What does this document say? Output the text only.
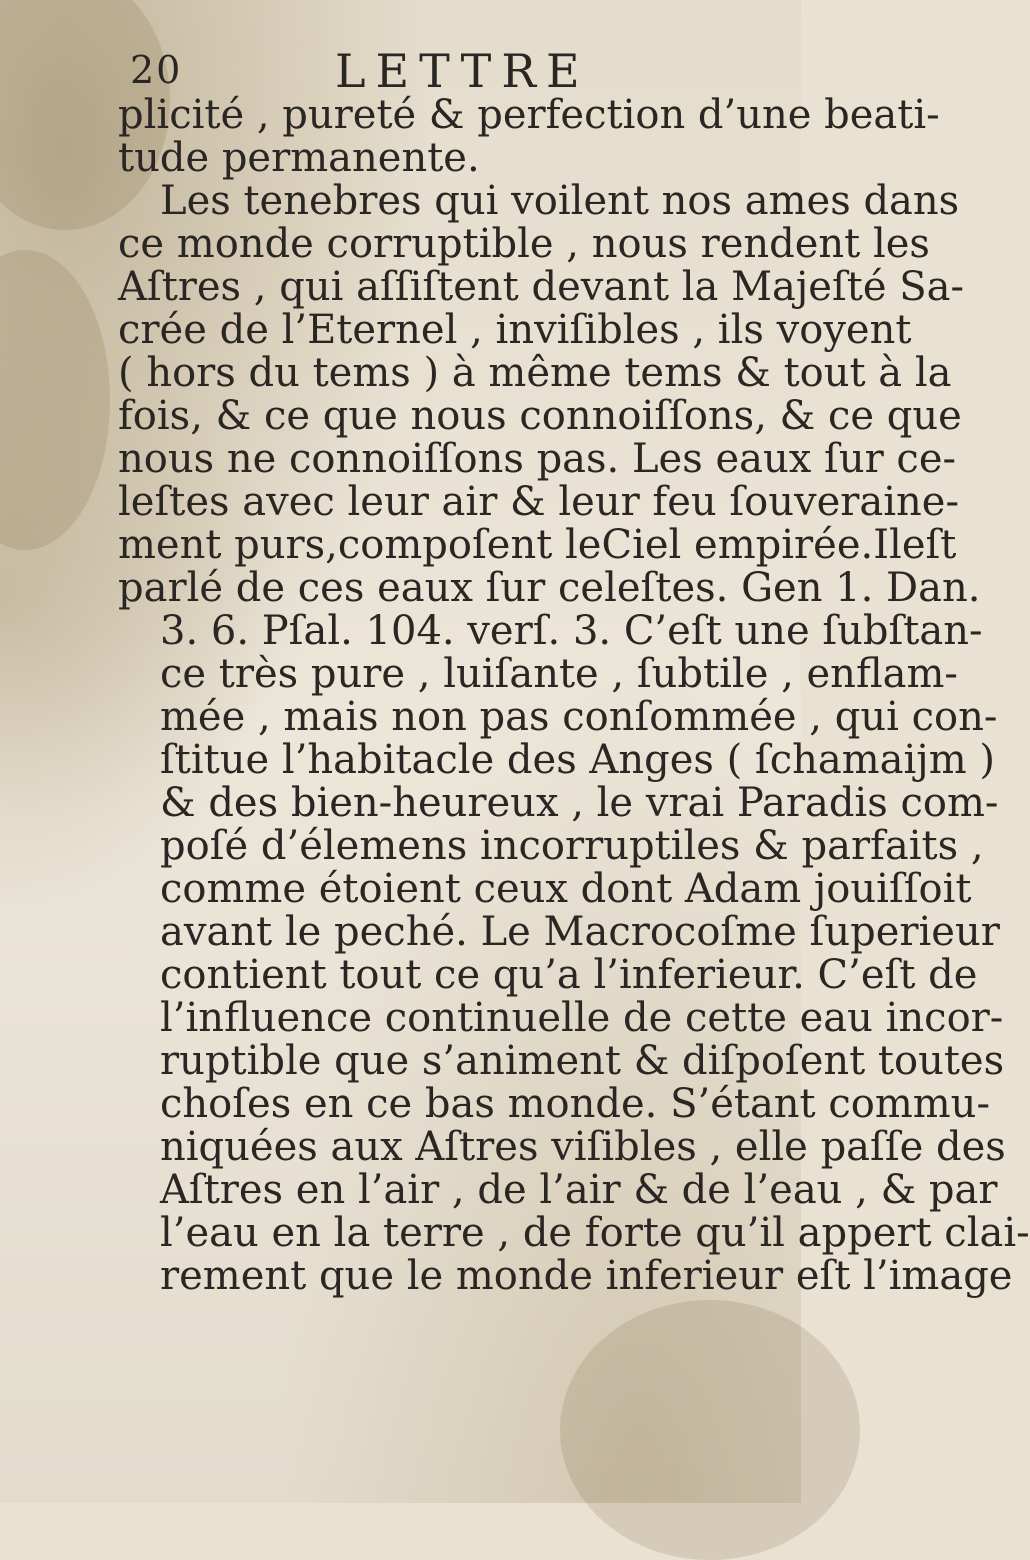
20	LETTRE
plicité , pureté & perfection d’une beati-
tude permanente.
Les tenebres qui voilent nos ames dans
ce monde corruptible , nous rendent les
Aſtres , qui aſſiſtent devant la Majeſté Sa-
crée de l’Eternel , inviſibles , ils voyent
( hors du tems ) à même tems & tout à la
fois, & ce que nous connoiſſons, & ce que
nous ne connoiſſons pas. Les eaux ſur ce-
leſtes avec leur air & leur feu ſouveraine-
ment purs,compoſent leCiel empirée.Ileſt
parlé de ces eaux ſur celeſtes. Gen 1. Dan.
3. 6. Pſal. 104. verſ. 3. C’eſt une ſubſtan-
ce très pure , luiſante , ſubtile , enflam-
mée , mais non pas conſommée , qui con-
ſtitue l’habitacle des Anges ( ſchamaijm )
& des bien-heureux , le vrai Paradis com-
poſé d’élemens incorruptiles & parfaits ,
comme étoient ceux dont Adam jouiſſoit
avant le peché. Le Macrocoſme ſuperieur
contient tout ce qu’a l’inferieur. C’eſt de
l’influence continuelle de cette eau incor-
ruptible que s’animent & diſpoſent toutes
choſes en ce bas monde. S’étant commu-
niquées aux Aſtres viſibles , elle paſſe des
Aſtres en l’air , de l’air & de l’eau , & par
l’eau en la terre , de forte qu’il appert clai-
rement que le monde inferieur eſt l’image
